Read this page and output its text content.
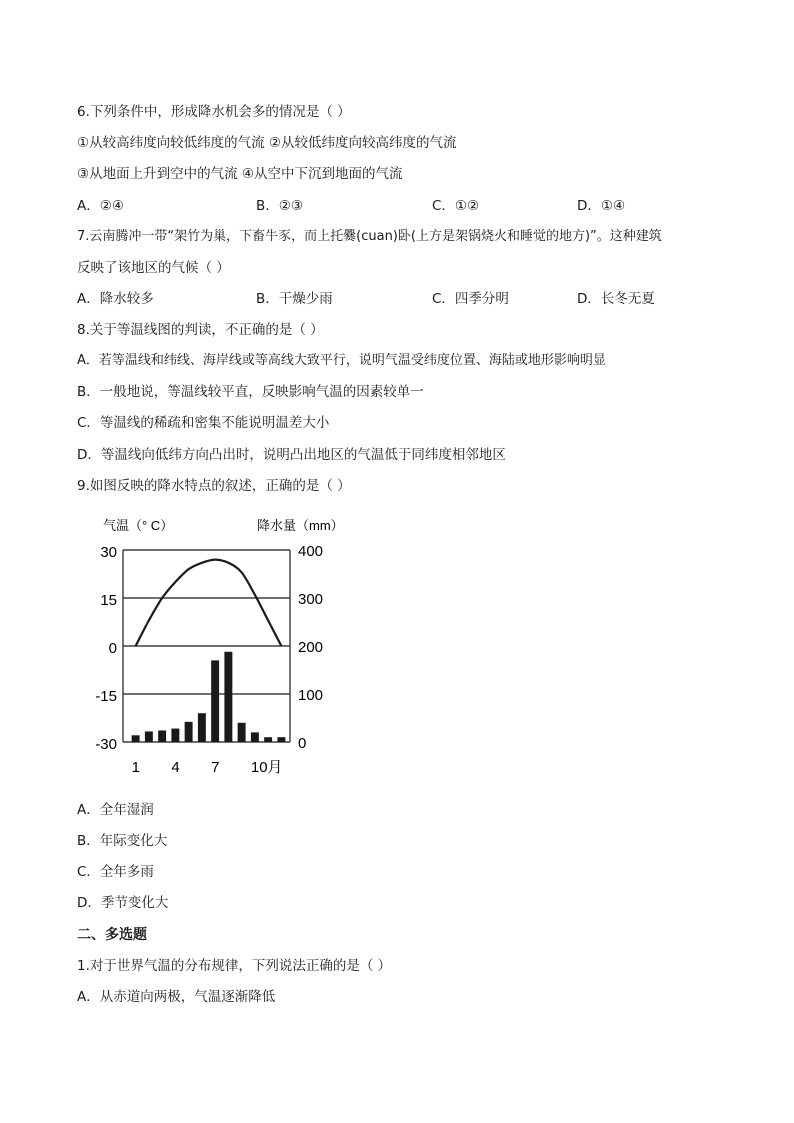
6.下列条件中，形成降水机会多的情况是（ ）
①从较高纬度向较低纬度的气流 ②从较低纬度向较高纬度的气流
③从地面上升到空中的气流 ④从空中下沉到地面的气流
A．②④	B．②③	C．①②	D．①④
7.云南腾冲一带“架竹为巢，下畜牛豕，而上托爨(cuan)卧(上方是架锅烧火和睡觉的地方)”。这种建筑
反映了该地区的气候（ ）
A．降水较多	B．干燥少雨	C．四季分明	D．长冬无夏
8.关于等温线图的判读，不正确的是（ ）
A．若等温线和纬线、海岸线或等高线大致平行，说明气温受纬度位置、海陆或地形影响明显
B．一般地说，等温线较平直，反映影响气温的因素较单一
C．等温线的稀疏和密集不能说明温差大小
D．等温线向低纬方向凸出时，说明凸出地区的气温低于同纬度相邻地区
9.如图反映的降水特点的叙述，正确的是（ ）
气温（° C）	降水量（mm）
30	400
15	300
0	200
-15	100
-30	0
1 4 7 10月
A．全年湿润
B．年际变化大
C．全年多雨
D．季节变化大
二、多选题
1.对于世界气温的分布规律，下列说法正确的是（ ）
A．从赤道向两极，气温逐渐降低
